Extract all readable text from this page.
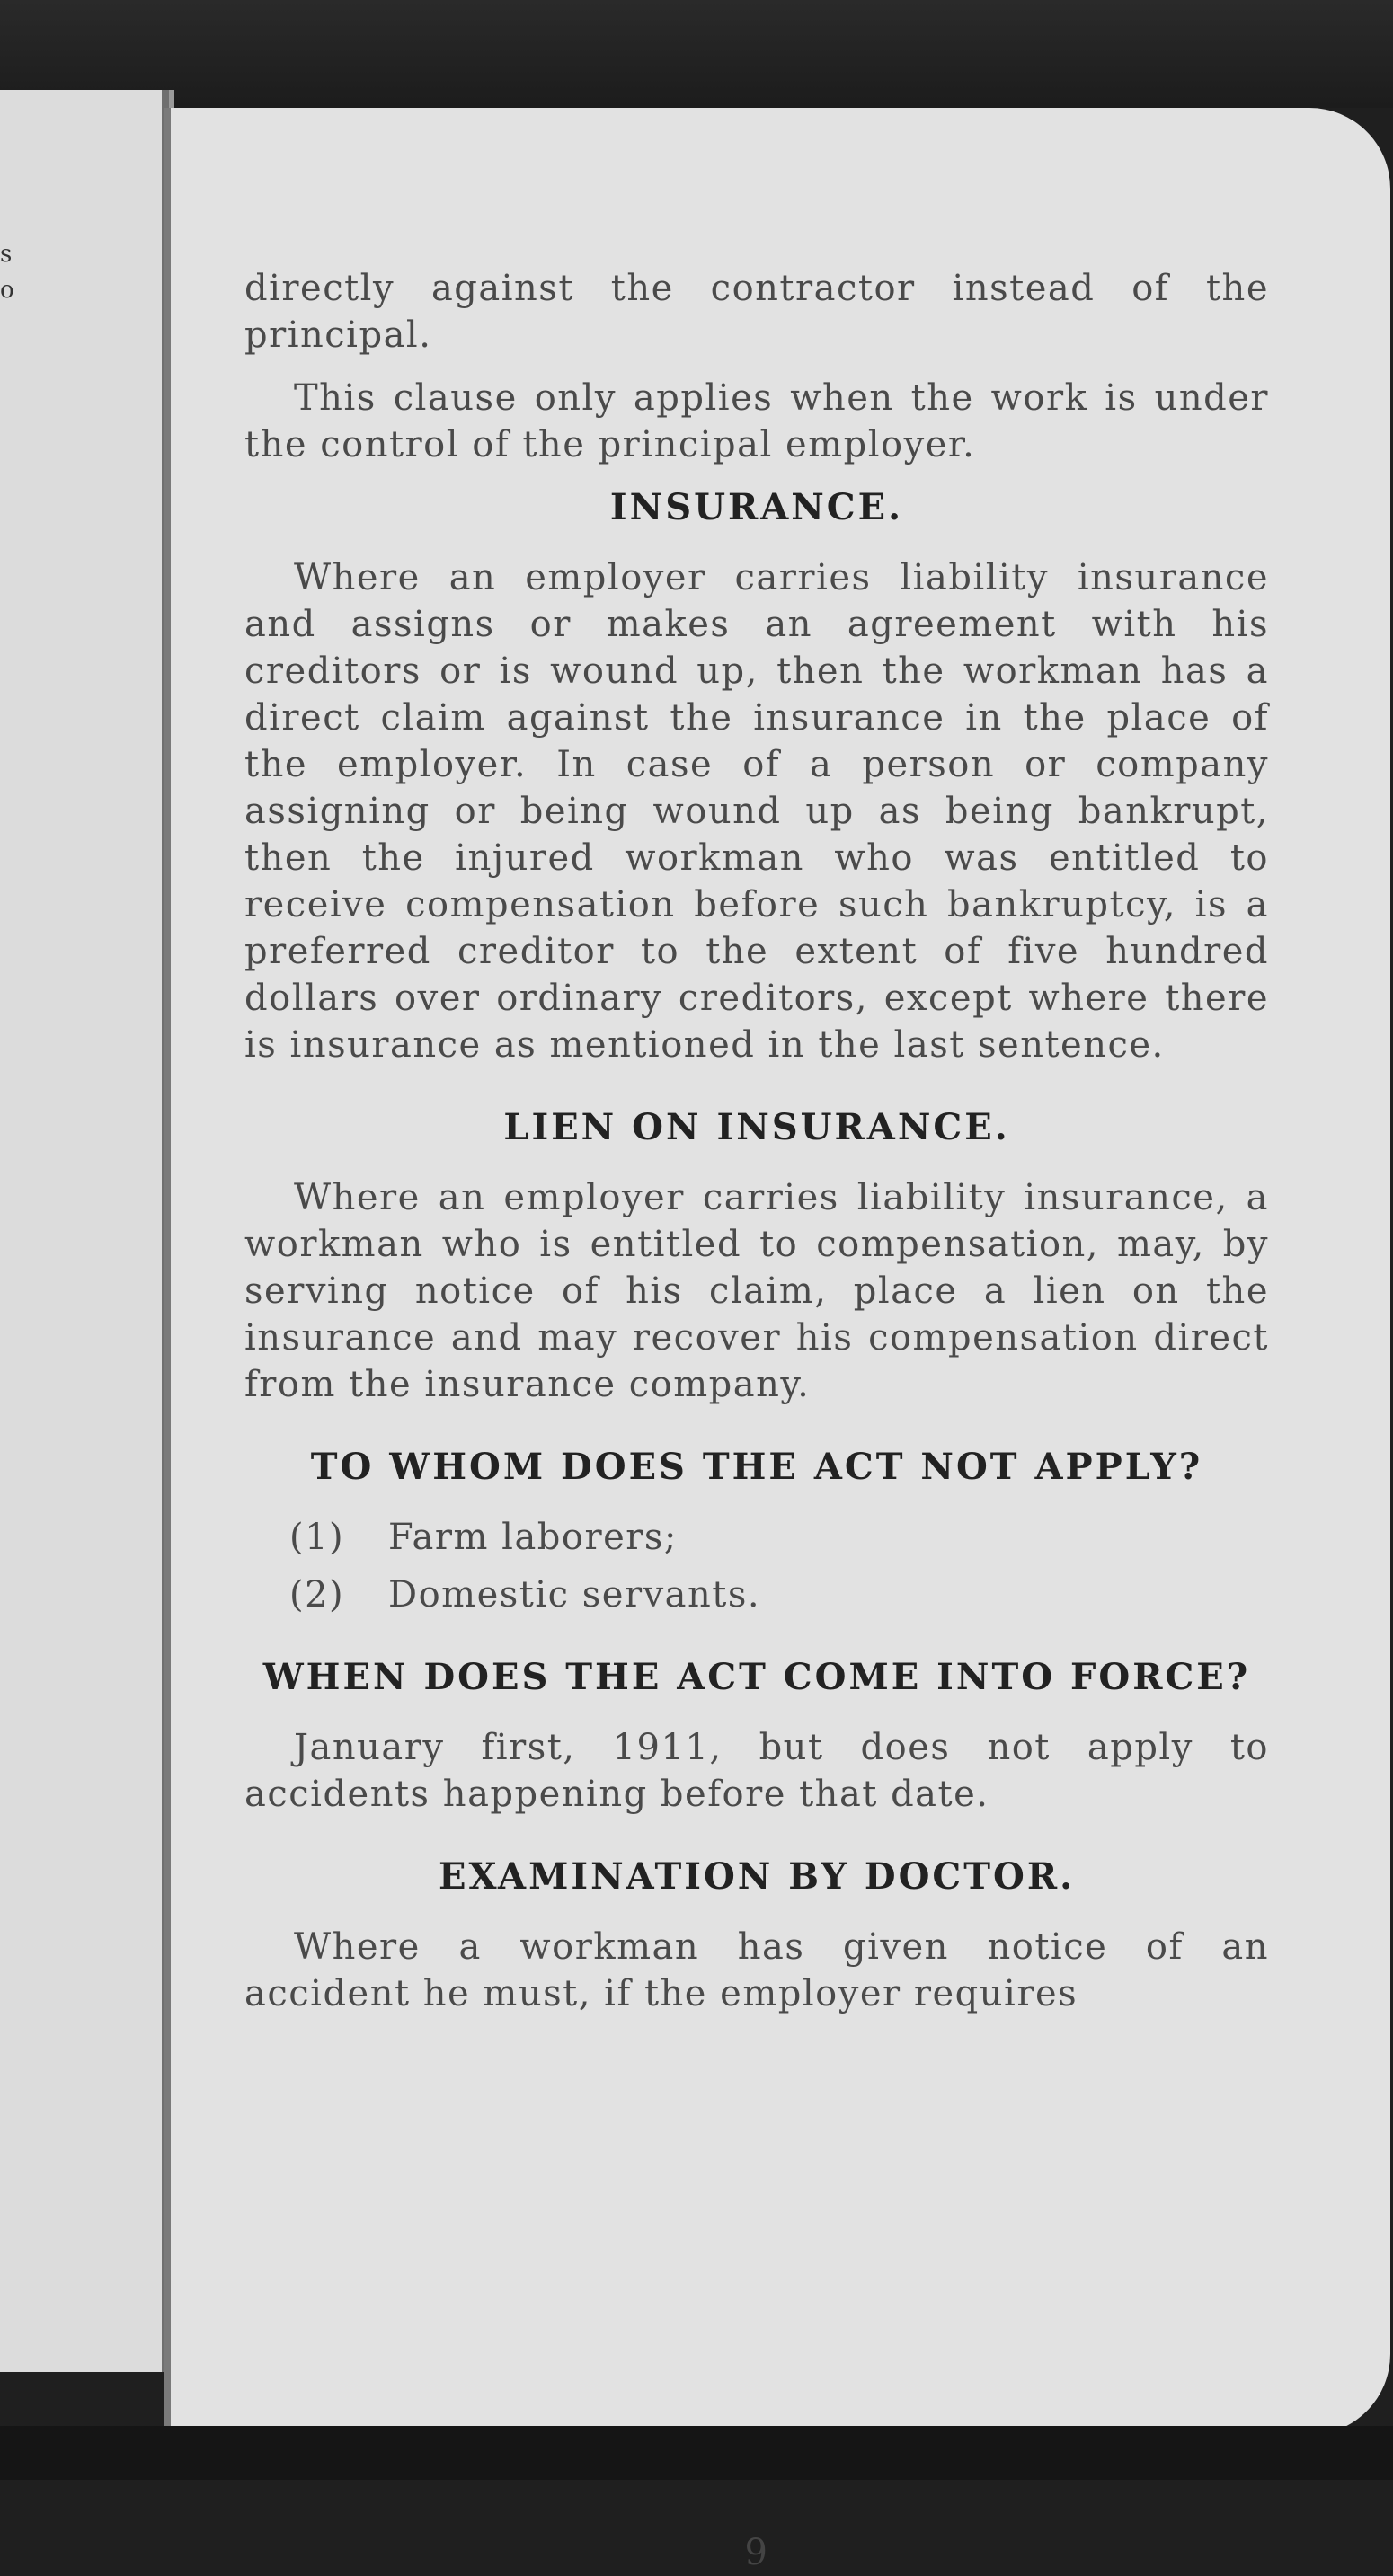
s
o	directly against the contractor instead of the principal.

This clause only applies when the work is under the control of the principal employer.

INSURANCE.

Where an employer carries liability insurance and assigns or makes an agreement with his creditors or is wound up, then the workman has a direct claim against the insurance in the place of the employer. In case of a person or company assigning or being wound up as being bankrupt, then the injured workman who was entitled to receive compensation before such bankruptcy, is a preferred creditor to the extent of five hundred dollars over ordinary creditors, except where there is insurance as mentioned in the last sentence.

LIEN ON INSURANCE.

Where an employer carries liability insurance, a workman who is entitled to compensation, may, by serving notice of his claim, place a lien on the insurance and may recover his compensation direct from the insurance company.

TO WHOM DOES THE ACT NOT APPLY?
(1) Farm laborers;
(2) Domestic servants.
WHEN DOES THE ACT COME INTO FORCE?

January first, 1911, but does not apply to accidents happening before that date.

EXAMINATION BY DOCTOR.

Where a workman has given notice of an accident he must, if the employer requires

9
